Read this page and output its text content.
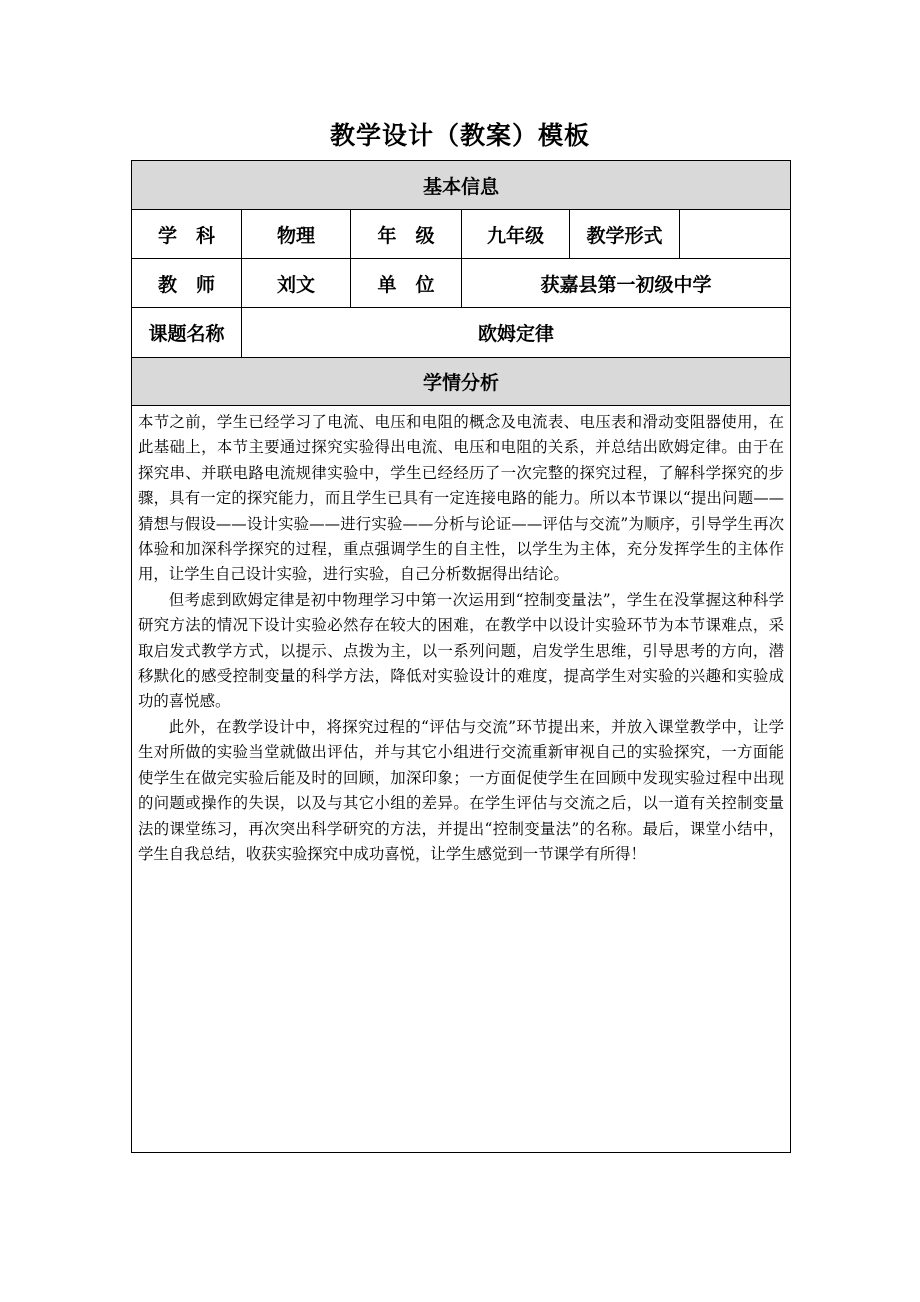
教学设计（教案）模板
基本信息					
学　科	物理	年　级	九年级	教学形式	
教　师	刘文	单　位	获嘉县第一初级中学		
课题名称	欧姆定律				
学情分析					

本节之前，学生已经学习了电流、电压和电阻的概念及电流表、电压表和滑动变阻器使用，在此基础上，本节主要通过探究实验得出电流、电压和电阻的关系，并总结出欧姆定律。由于在探究串、并联电路电流规律实验中，学生已经经历了一次完整的探究过程，了解科学探究的步骤，具有一定的探究能力，而且学生已具有一定连接电路的能力。所以本节课以“提出问题——猜想与假设——设计实验——进行实验——分析与论证——评估与交流”为顺序，引导学生再次体验和加深科学探究的过程，重点强调学生的自主性，以学生为主体，充分发挥学生的主体作用，让学生自己设计实验，进行实验，自己分析数据得出结论。

但考虑到欧姆定律是初中物理学习中第一次运用到“控制变量法”，学生在没掌握这种科学研究方法的情况下设计实验必然存在较大的困难，在教学中以设计实验环节为本节课难点，采取启发式教学方式，以提示、点拨为主，以一系列问题，启发学生思维，引导思考的方向，潜移默化的感受控制变量的科学方法，降低对实验设计的难度，提高学生对实验的兴趣和实验成功的喜悦感。

此外，在教学设计中，将探究过程的“评估与交流”环节提出来，并放入课堂教学中，让学生对所做的实验当堂就做出评估，并与其它小组进行交流重新审视自己的实验探究，一方面能使学生在做完实验后能及时的回顾，加深印象；一方面促使学生在回顾中发现实验过程中出现的问题或操作的失误，以及与其它小组的差异。在学生评估与交流之后，以一道有关控制变量法的课堂练习，再次突出科学研究的方法，并提出“控制变量法”的名称。最后，课堂小结中，学生自我总结，收获实验探究中成功喜悦，让学生感觉到一节课学有所得！					
